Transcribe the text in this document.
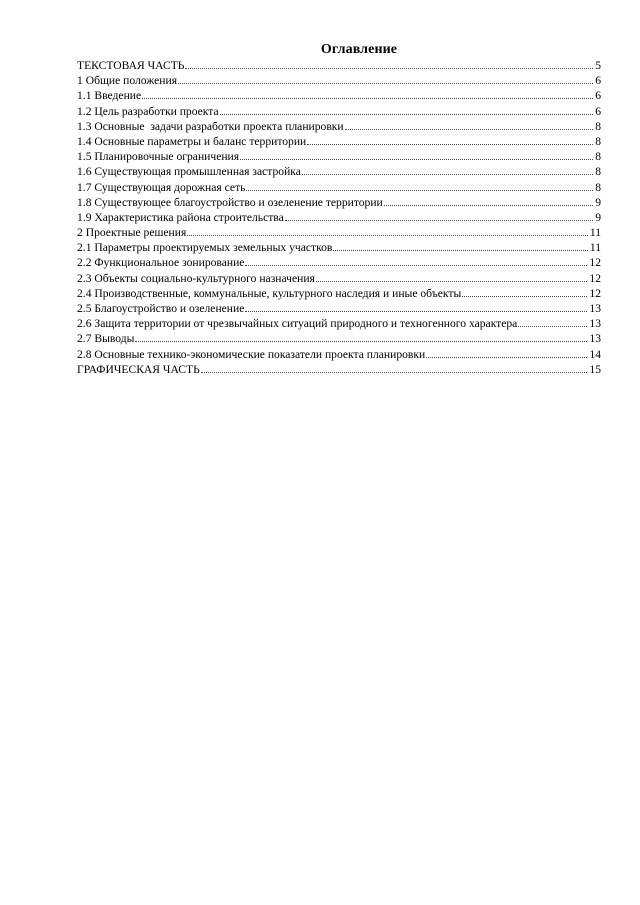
Оглавление
ТЕКСТОВАЯ ЧАСТЬ	5
1 Общие положения	6
1.1 Введение	6
1.2 Цель разработки проекта	6
1.3 Основные  задачи разработки проекта планировки	8
1.4 Основные параметры и баланс территории	8
1.5 Планировочные ограничения	8
1.6 Существующая промышленная застройка	8
1.7 Существующая дорожная сеть	8
1.8 Существующее благоустройство и озеленение территории	9
1.9 Характеристика района строительства	9
2 Проектные решения	11
2.1 Параметры проектируемых земельных участков	11
2.2 Функциональное зонирование	12
2.3 Объекты социально-культурного назначения	12
2.4 Производственные, коммунальные, культурного наследия и иные объекты	12
2.5 Благоустройство и озеленение	13
2.6 Защита территории от чрезвычайных ситуаций природного и техногенного характера	13
2.7 Выводы	13
2.8 Основные технико-экономические показатели проекта планировки	14
ГРАФИЧЕСКАЯ ЧАСТЬ	15
